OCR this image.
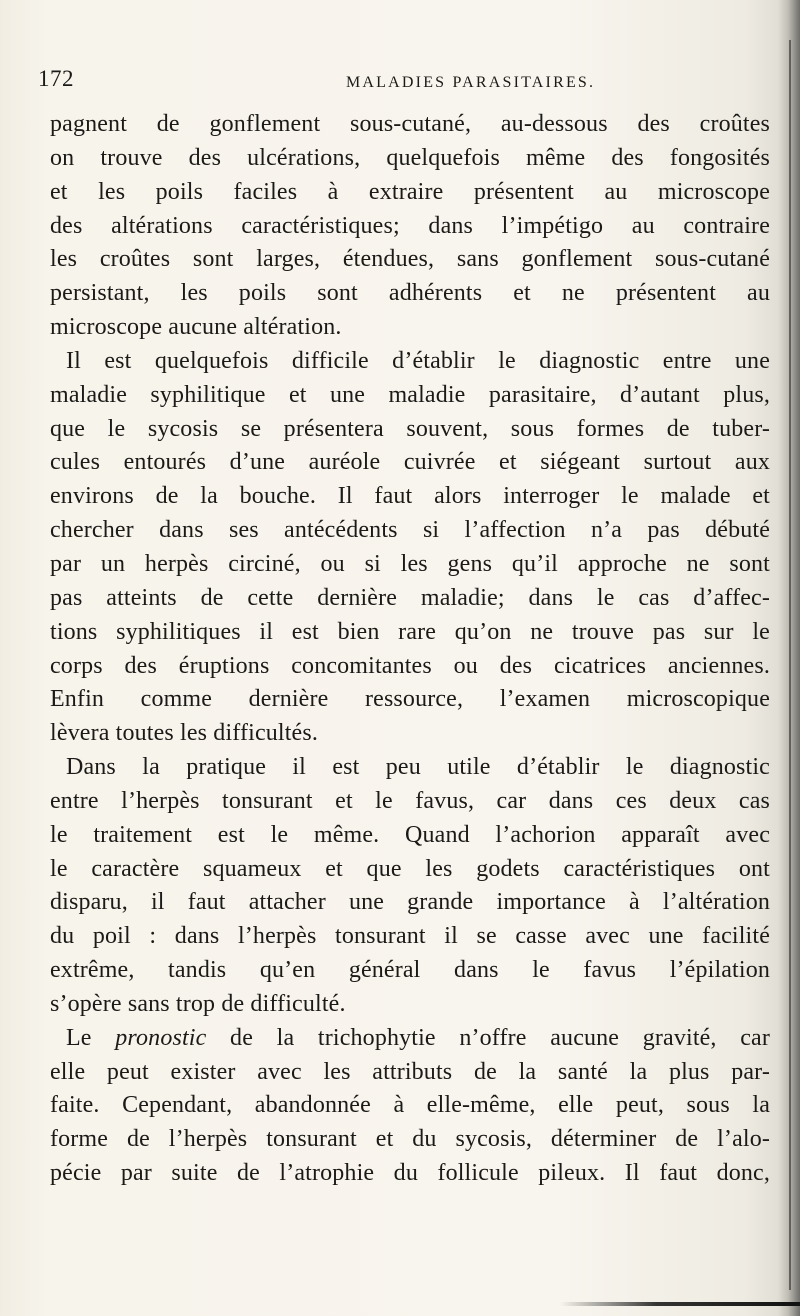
172	MALADIES PARASITAIRES.
pagnent de gonflement sous-cutané, au-dessous des croûtes
on trouve des ulcérations, quelquefois même des fongosités
et les poils faciles à extraire présentent au microscope
des altérations caractéristiques; dans l’impétigo au contraire
les croûtes sont larges, étendues, sans gonflement sous-cutané
persistant, les poils sont adhérents et ne présentent au
microscope aucune altération.
Il est quelquefois difficile d’établir le diagnostic entre une
maladie syphilitique et une maladie parasitaire, d’autant plus,
que le sycosis se présentera souvent, sous formes de tuber-
cules entourés d’une auréole cuivrée et siégeant surtout aux
environs de la bouche. Il faut alors interroger le malade et
chercher dans ses antécédents si l’affection n’a pas débuté
par un herpès circiné, ou si les gens qu’il approche ne sont
pas atteints de cette dernière maladie; dans le cas d’affec-
tions syphilitiques il est bien rare qu’on ne trouve pas sur le
corps des éruptions concomitantes ou des cicatrices anciennes.
Enfin comme dernière ressource, l’examen microscopique
lèvera toutes les difficultés.
Dans la pratique il est peu utile d’établir le diagnostic
entre l’herpès tonsurant et le favus, car dans ces deux cas
le traitement est le même. Quand l’achorion apparaît avec
le caractère squameux et que les godets caractéristiques ont
disparu, il faut attacher une grande importance à l’altération
du poil : dans l’herpès tonsurant il se casse avec une facilité
extrême, tandis qu’en général dans le favus l’épilation
s’opère sans trop de difficulté.
Le pronostic de la trichophytie n’offre aucune gravité, car
elle peut exister avec les attributs de la santé la plus par-
faite. Cependant, abandonnée à elle-même, elle peut, sous la
forme de l’herpès tonsurant et du sycosis, déterminer de l’alo-
pécie par suite de l’atrophie du follicule pileux. Il faut donc,
